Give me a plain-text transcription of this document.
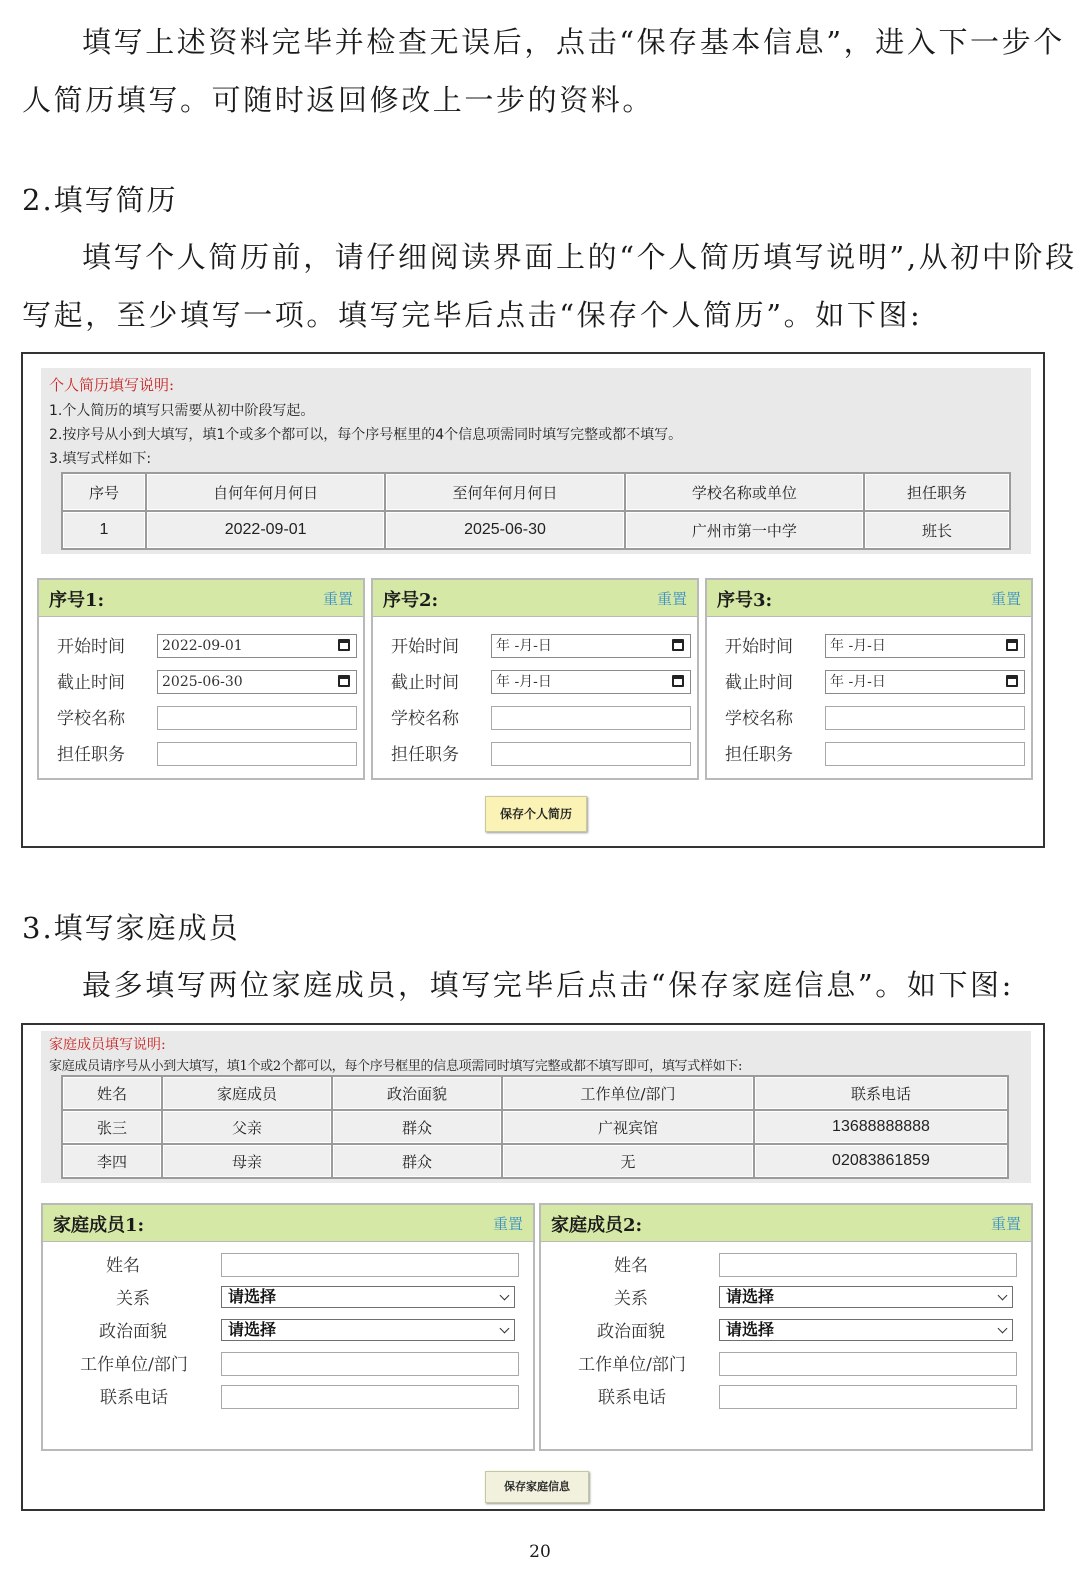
填写上述资料完毕并检查无误后，点击“保存基本信息”，进入下一步个
人简历填写。可随时返回修改上一步的资料。
2.填写简历
填写个人简历前，请仔细阅读界面上的“个人简历填写说明”,从初中阶段
写起，至少填写一项。填写完毕后点击“保存个人简历”。如下图:
个人简历填写说明:
1.个人简历的填写只需要从初中阶段写起。
2.按序号从小到大填写，填1个或多个都可以，每个序号框里的4个信息项需同时填写完整或都不填写。
3.填写式样如下:
序号	自何年何月何日	至何年何月何日	学校名称或单位	担任职务
1	2022-09-01	2025-06-30	广州市第一中学	班长
序号1:	重置
开始时间	2022-09-01
截止时间	2025-06-30
学校名称
担任职务
序号2:	重置
开始时间	年 -月-日
截止时间	年 -月-日
学校名称
担任职务
序号3:	重置
开始时间	年 -月-日
截止时间	年 -月-日
学校名称
担任职务
保存个人简历
3.填写家庭成员
最多填写两位家庭成员，填写完毕后点击“保存家庭信息”。如下图:
家庭成员填写说明:
家庭成员请序号从小到大填写，填1个或2个都可以，每个序号框里的信息项需同时填写完整或都不填写即可，填写式样如下:
姓名	家庭成员	政治面貌	工作单位/部门	联系电话
张三	父亲	群众	广视宾馆	13688888888
李四	母亲	群众	无	02083861859
家庭成员1:	重置
姓名
关系	请选择
政治面貌	请选择
工作单位/部门
联系电话
家庭成员2:	重置
姓名
关系	请选择
政治面貌	请选择
工作单位/部门
联系电话
保存家庭信息
20
